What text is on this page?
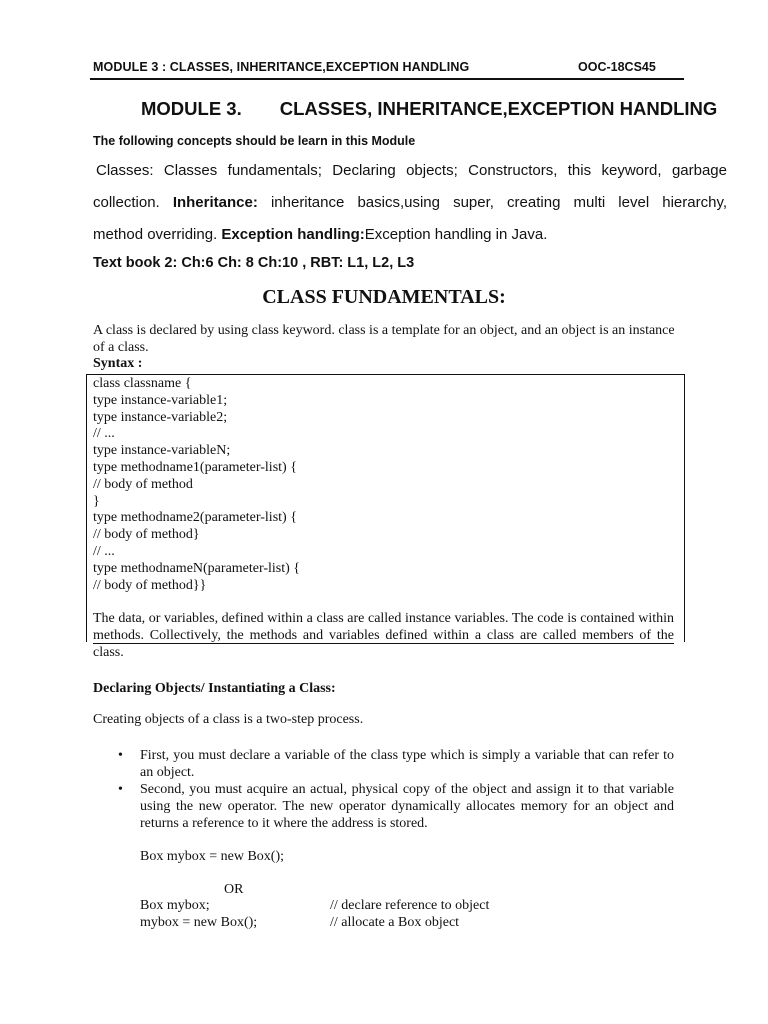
MODULE 3 : CLASSES, INHERITANCE,EXCEPTION HANDLING	OOC-18CS45
MODULE 3. CLASSES, INHERITANCE,EXCEPTION HANDLING
The following concepts should be learn in this Module
Classes: Classes fundamentals; Declaring objects; Constructors, this keyword, garbage
collection. Inheritance: inheritance basics,using super, creating multi level hierarchy,
method overriding. Exception handling:Exception handling in Java.
Text book 2: Ch:6 Ch: 8 Ch:10 , RBT: L1, L2, L3
CLASS FUNDAMENTALS:
A class is declared by using class keyword. class is a template for an object, and an object is an instance of a class.
Syntax :
class classname {
type instance-variable1;
type instance-variable2;
// ...
type instance-variableN;
type methodname1(parameter-list) {
// body of method
}
type methodname2(parameter-list) {
// body of method}
// ...
type methodnameN(parameter-list) {
// body of method}}
The data, or variables, defined within a class are called instance variables. The code is contained within methods. Collectively, the methods and variables defined within a class are called members of the class.
Declaring Objects/ Instantiating a Class:
Creating objects of a class is a two-step process.
• First, you must declare a variable of the class type which is simply a variable that can refer to an object.
• Second, you must acquire an actual, physical copy of the object and assign it to that variable using the new operator. The new operator dynamically allocates memory for an object and returns a reference to it where the address is stored.
Box mybox = new Box();
OR
Box mybox;	// declare reference to object
mybox = new Box();	// allocate a Box object
